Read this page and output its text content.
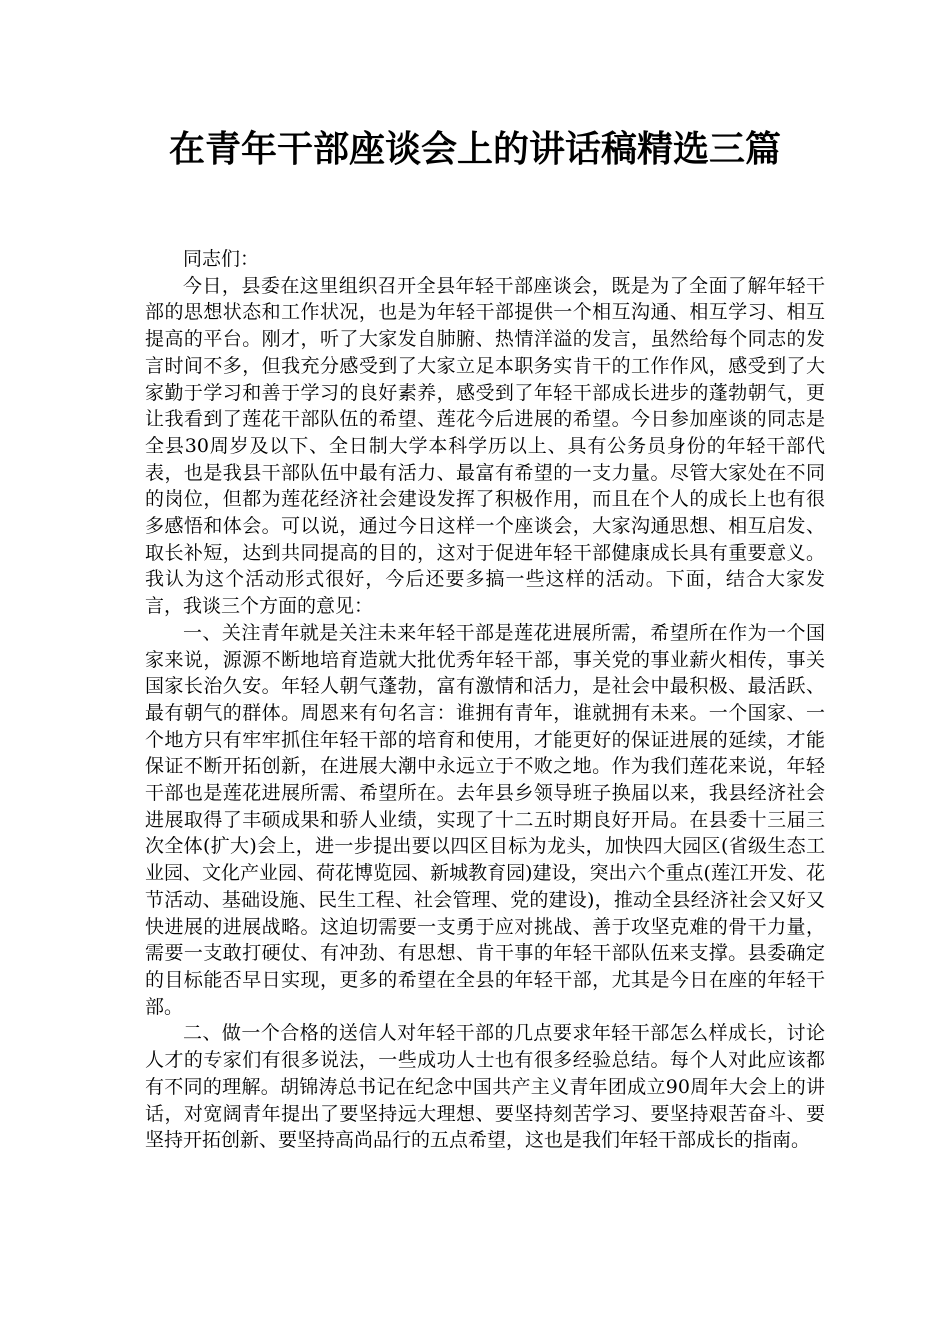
在青年干部座谈会上的讲话稿精选三篇

同志们：

今日，县委在这里组织召开全县年轻干部座谈会，既是为了全面了解年轻干部的思想状态和工作状况，也是为年轻干部提供一个相互沟通、相互学习、相互提高的平台。刚才，听了大家发自肺腑、热情洋溢的发言，虽然给每个同志的发言时间不多，但我充分感受到了大家立足本职务实肯干的工作作风，感受到了大家勤于学习和善于学习的良好素养，感受到了年轻干部成长进步的蓬勃朝气，更让我看到了莲花干部队伍的希望、莲花今后进展的希望。今日参加座谈的同志是全县30周岁及以下、全日制大学本科学历以上、具有公务员身份的年轻干部代表，也是我县干部队伍中最有活力、最富有希望的一支力量。尽管大家处在不同的岗位，但都为莲花经济社会建设发挥了积极作用，而且在个人的成长上也有很多感悟和体会。可以说，通过今日这样一个座谈会，大家沟通思想、相互启发、取长补短，达到共同提高的目的，这对于促进年轻干部健康成长具有重要意义。我认为这个活动形式很好，今后还要多搞一些这样的活动。下面，结合大家发言，我谈三个方面的意见：

一、关注青年就是关注未来年轻干部是莲花进展所需，希望所在作为一个国家来说，源源不断地培育造就大批优秀年轻干部，事关党的事业薪火相传，事关国家长治久安。年轻人朝气蓬勃，富有激情和活力，是社会中最积极、最活跃、最有朝气的群体。周恩来有句名言：谁拥有青年，谁就拥有未来。一个国家、一个地方只有牢牢抓住年轻干部的培育和使用，才能更好的保证进展的延续，才能保证不断开拓创新，在进展大潮中永远立于不败之地。作为我们莲花来说，年轻干部也是莲花进展所需、希望所在。去年县乡领导班子换届以来，我县经济社会进展取得了丰硕成果和骄人业绩，实现了十二五时期良好开局。在县委十三届三次全体(扩大)会上，进一步提出要以四区目标为龙头，加快四大园区(省级生态工业园、文化产业园、荷花博览园、新城教育园)建设，突出六个重点(莲江开发、花节活动、基础设施、民生工程、社会管理、党的建设)，推动全县经济社会又好又快进展的进展战略。这迫切需要一支勇于应对挑战、善于攻坚克难的骨干力量，需要一支敢打硬仗、有冲劲、有思想、肯干事的年轻干部队伍来支撑。县委确定的目标能否早日实现，更多的希望在全县的年轻干部，尤其是今日在座的年轻干部。

二、做一个合格的送信人对年轻干部的几点要求年轻干部怎么样成长，讨论人才的专家们有很多说法，一些成功人士也有很多经验总结。每个人对此应该都有不同的理解。胡锦涛总书记在纪念中国共产主义青年团成立90周年大会上的讲话，对宽阔青年提出了要坚持远大理想、要坚持刻苦学习、要坚持艰苦奋斗、要坚持开拓创新、要坚持高尚品行的五点希望，这也是我们年轻干部成长的指南。
